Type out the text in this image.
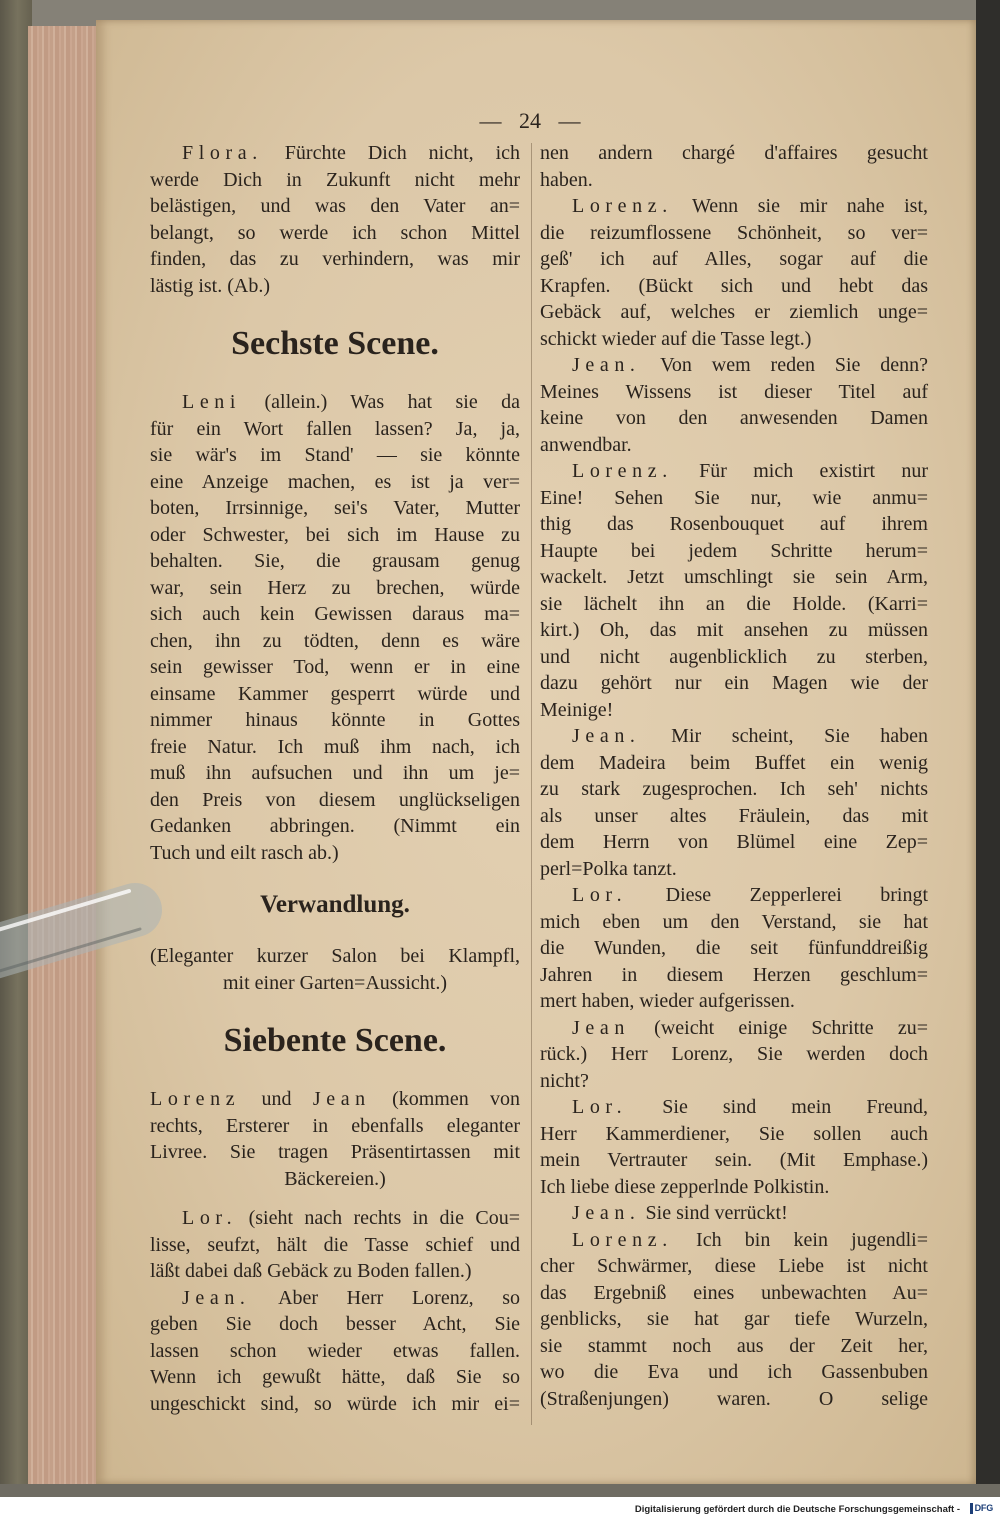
— 24 —
Flora. Fürchte Dich nicht, ich
werde Dich in Zukunft nicht mehr
belästigen, und was den Vater an=
belangt, so werde ich schon Mittel
finden, das zu verhindern, was mir
lästig ist. (Ab.)
Sechste Scene.
Leni (allein.) Was hat sie da
für ein Wort fallen lassen? Ja, ja,
sie wär's im Stand' — sie könnte
eine Anzeige machen, es ist ja ver=
boten, Irrsinnige, sei's Vater, Mutter
oder Schwester, bei sich im Hause zu
behalten. Sie, die grausam genug
war, sein Herz zu brechen, würde
sich auch kein Gewissen daraus ma=
chen, ihn zu tödten, denn es wäre
sein gewisser Tod, wenn er in eine
einsame Kammer gesperrt würde und
nimmer hinaus könnte in Gottes
freie Natur. Ich muß ihm nach, ich
muß ihn aufsuchen und ihn um je=
den Preis von diesem unglückseligen
Gedanken abbringen. (Nimmt ein
Tuch und eilt rasch ab.)
Verwandlung.
(Eleganter kurzer Salon bei Klampfl,
mit einer Garten=Aussicht.)
Siebente Scene.
Lorenz und Jean (kommen von
rechts, Ersterer in ebenfalls eleganter
Livree. Sie tragen Präsentirtassen mit
Bäckereien.)
Lor. (sieht nach rechts in die Cou=
lisse, seufzt, hält die Tasse schief und
läßt dabei daß Gebäck zu Boden fallen.)
Jean. Aber Herr Lorenz, so
geben Sie doch besser Acht, Sie
lassen schon wieder etwas fallen.
Wenn ich gewußt hätte, daß Sie so
ungeschickt sind, so würde ich mir ei=
nen andern chargé d'affaires gesucht
haben.
Lorenz. Wenn sie mir nahe ist,
die reizumflossene Schönheit, so ver=
geß' ich auf Alles, sogar auf die
Krapfen. (Bückt sich und hebt das
Gebäck auf, welches er ziemlich unge=
schickt wieder auf die Tasse legt.)
Jean. Von wem reden Sie denn?
Meines Wissens ist dieser Titel auf
keine von den anwesenden Damen
anwendbar.
Lorenz. Für mich existirt nur
Eine! Sehen Sie nur, wie anmu=
thig das Rosenbouquet auf ihrem
Haupte bei jedem Schritte herum=
wackelt. Jetzt umschlingt sie sein Arm,
sie lächelt ihn an die Holde. (Karri=
kirt.) Oh, das mit ansehen zu müssen
und nicht augenblicklich zu sterben,
dazu gehört nur ein Magen wie der
Meinige!
Jean. Mir scheint, Sie haben
dem Madeira beim Buffet ein wenig
zu stark zugesprochen. Ich seh' nichts
als unser altes Fräulein, das mit
dem Herrn von Blümel eine Zep=
perl=Polka tanzt.
Lor. Diese Zepperlerei bringt
mich eben um den Verstand, sie hat
die Wunden, die seit fünfunddreißig
Jahren in diesem Herzen geschlum=
mert haben, wieder aufgerissen.
Jean (weicht einige Schritte zu=
rück.) Herr Lorenz, Sie werden doch
nicht?
Lor. Sie sind mein Freund,
Herr Kammerdiener, Sie sollen auch
mein Vertrauter sein. (Mit Emphase.)
Ich liebe diese zepperlnde Polkistin.
Jean. Sie sind verrückt!
Lorenz. Ich bin kein jugendli=
cher Schwärmer, diese Liebe ist nicht
das Ergebniß eines unbewachten Au=
genblicks, sie hat gar tiefe Wurzeln,
sie stammt noch aus der Zeit her,
wo die Eva und ich Gassenbuben
(Straßenjungen) waren. O selige
Digitalisierung gefördert durch die Deutsche Forschungsgemeinschaft -	DFG
